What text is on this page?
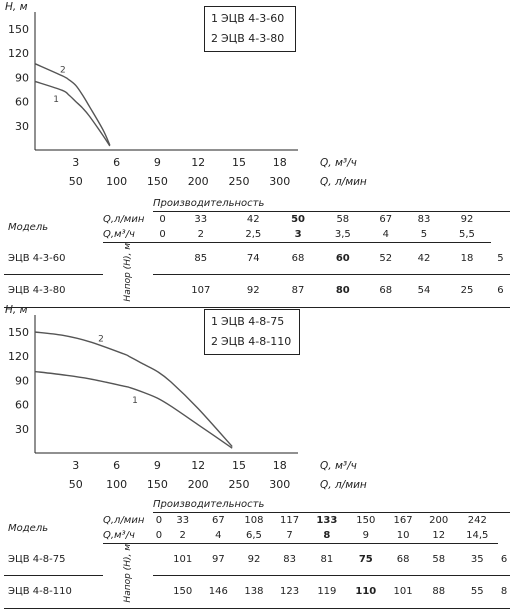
Н, м
30
60
90
120
150
3	6	9	12 15 18	Q, м³/ч
50 100 150 200 250 300	Q, л/мин
1
2
1 ЭЦВ 4-3-60
2 ЭЦВ 4-3-80
		Производительность								
Модель	Q,л/мин	0	33	42	50	58	67	83	92	
	Q,м³/ч	0	2	2,5	3	3,5	4	5	5,5	
ЭЦВ 4-3-60	Напор (Н), м		85	74	68	60	52	42	18	5
ЭЦВ 4-3-80			107	92	87	80	68	54	25	6
Н, м
30
60
90
120
150
3	6	9	12 15 18	Q, м³/ч
50 100 150 200 250 300	Q, л/мин
1
2
1 ЭЦВ 4-8-75
2 ЭЦВ 4-8-110
		Производительность										
Модель	Q,л/мин	0	33	67	108	117	133	150	167	200	242	
	Q,м³/ч	0	2	4	6,5	7	8	9	10	12	14,5	
ЭЦВ 4-8-75	Напор (Н), м		101	97	92	83	81	75	68	58	35	6
ЭЦВ 4-8-110			150	146	138	123	119	110	101	88	55	8
